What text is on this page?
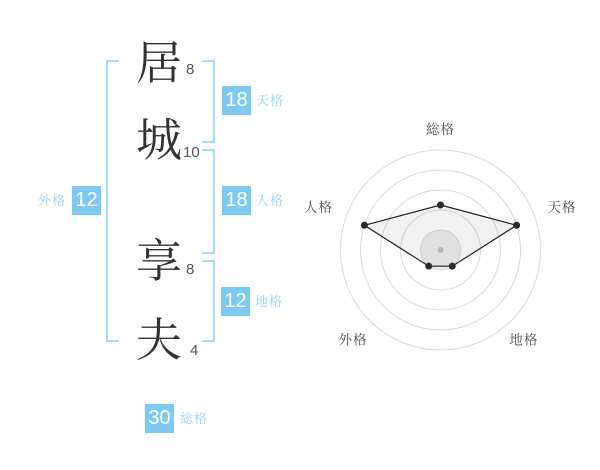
居
城
享
夫
8
10
8
4
18 天格
18 人格
12
外格
12 地格
30 総格
総格
天格
地格
外格
人格
